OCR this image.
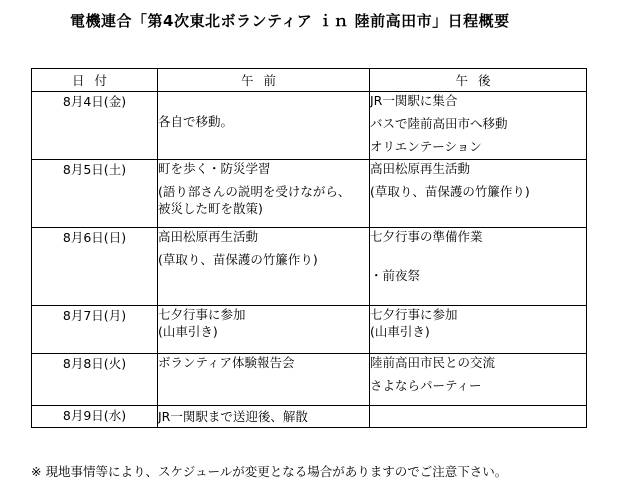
電機連合「第4次東北ボランティア ｉｎ 陸前高田市」日程概要
日付	午前	午後
8月4日(金)	各自で移動。	JR一関駅に集合
バスで陸前高田市へ移動
オリエンテーション

8月5日(土)	町を歩く・防災学習
(語り部さんの説明を受けながら、
被災した町を散策)	高田松原再生活動
(草取り、苗保護の竹簾作り)

8月6日(日)	高田松原再生活動
(草取り、苗保護の竹簾作り)	七夕行事の準備作業
・前夜祭

8月7日(月)	七夕行事に参加
(山車引き)	七夕行事に参加
(山車引き)

8月8日(火)	ボランティア体験報告会	陸前高田市民との交流
さよならパーティー

8月9日(水)	JR一関駅まで送迎後、解散	

※ 現地事情等により、スケジュールが変更となる場合がありますのでご注意下さい。
